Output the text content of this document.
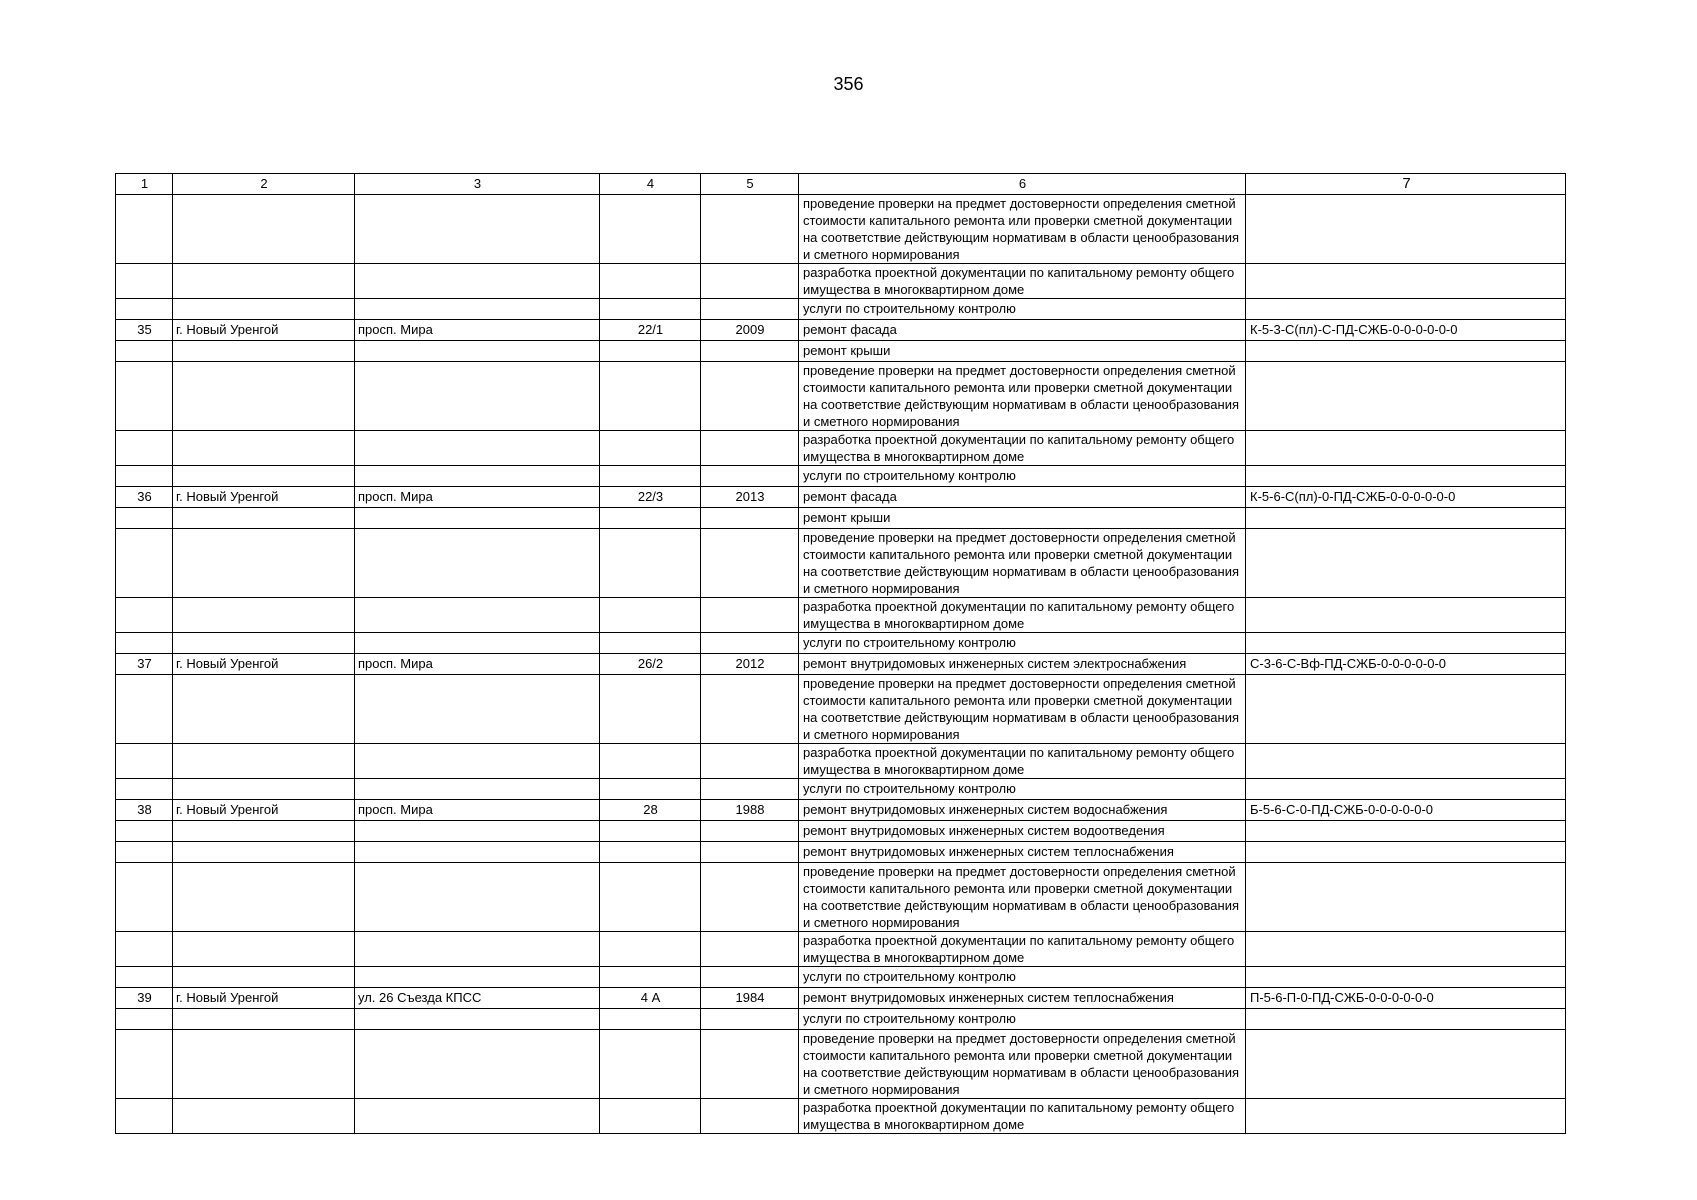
356
1	2	3	4	5	6	7
					проведение проверки на предмет достоверности определения сметной стоимости капитального ремонта или проверки сметной документации на соответствие действующим нормативам в области ценообразования и сметного нормирования	
					разработка проектной документации по капитальному ремонту общего имущества в многоквартирном доме	
					услуги по строительному контролю	
35	г. Новый Уренгой	просп. Мира	22/1	2009	ремонт фасада	К-5-3-С(пл)-С-ПД-СЖБ-0-0-0-0-0-0
					ремонт крыши	
					проведение проверки на предмет достоверности определения сметной стоимости капитального ремонта или проверки сметной документации на соответствие действующим нормативам в области ценообразования и сметного нормирования	
					разработка проектной документации по капитальному ремонту общего имущества в многоквартирном доме	
					услуги по строительному контролю	
36	г. Новый Уренгой	просп. Мира	22/3	2013	ремонт фасада	К-5-6-С(пл)-0-ПД-СЖБ-0-0-0-0-0-0
					ремонт крыши	
					проведение проверки на предмет достоверности определения сметной стоимости капитального ремонта или проверки сметной документации на соответствие действующим нормативам в области ценообразования и сметного нормирования	
					разработка проектной документации по капитальному ремонту общего имущества в многоквартирном доме	
					услуги по строительному контролю	
37	г. Новый Уренгой	просп. Мира	26/2	2012	ремонт внутридомовых инженерных систем электроснабжения	С-3-6-С-Вф-ПД-СЖБ-0-0-0-0-0-0
					проведение проверки на предмет достоверности определения сметной стоимости капитального ремонта или проверки сметной документации на соответствие действующим нормативам в области ценообразования и сметного нормирования	
					разработка проектной документации по капитальному ремонту общего имущества в многоквартирном доме	
					услуги по строительному контролю	
38	г. Новый Уренгой	просп. Мира	28	1988	ремонт внутридомовых инженерных систем водоснабжения	Б-5-6-С-0-ПД-СЖБ-0-0-0-0-0-0
					ремонт внутридомовых инженерных систем водоотведения	
					ремонт внутридомовых инженерных систем теплоснабжения	
					проведение проверки на предмет достоверности определения сметной стоимости капитального ремонта или проверки сметной документации на соответствие действующим нормативам в области ценообразования и сметного нормирования	
					разработка проектной документации по капитальному ремонту общего имущества в многоквартирном доме	
					услуги по строительному контролю	
39	г. Новый Уренгой	ул. 26 Съезда КПСС	4 А	1984	ремонт внутридомовых инженерных систем теплоснабжения	П-5-6-П-0-ПД-СЖБ-0-0-0-0-0-0
					услуги по строительному контролю	
					проведение проверки на предмет достоверности определения сметной стоимости капитального ремонта или проверки сметной документации на соответствие действующим нормативам в области ценообразования и сметного нормирования	
					разработка проектной документации по капитальному ремонту общего имущества в многоквартирном доме	
